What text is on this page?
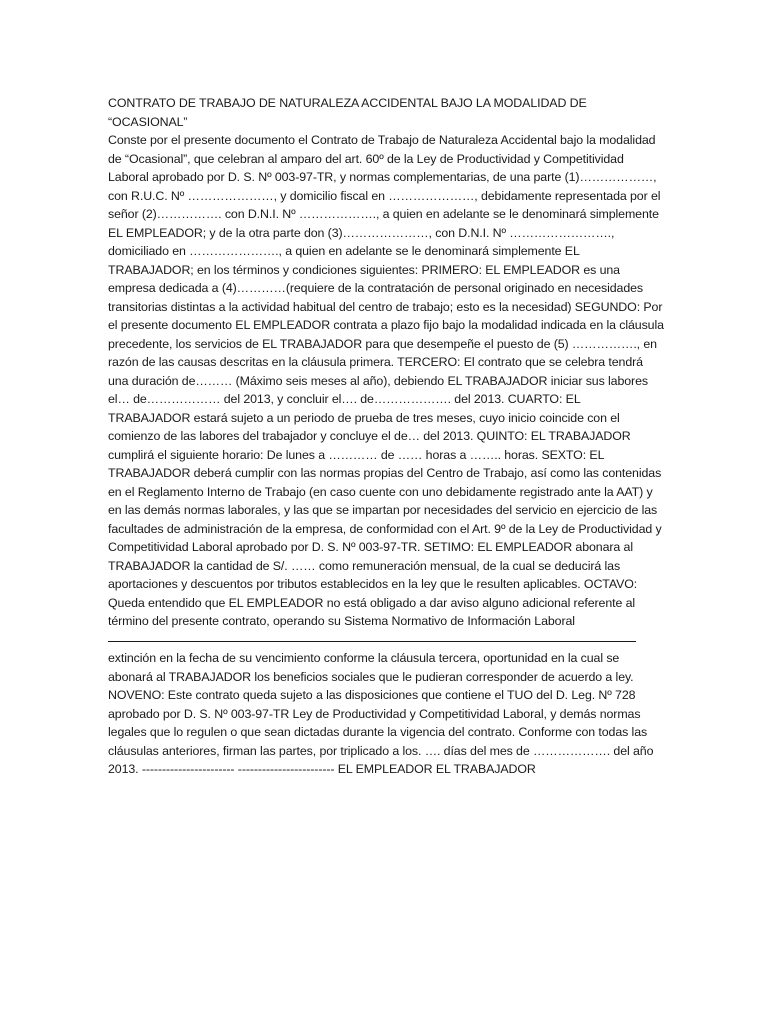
CONTRATO DE TRABAJO DE NATURALEZA ACCIDENTAL BAJO LA MODALIDAD DE “OCASIONAL”

Conste por el presente documento el Contrato de Trabajo de Naturaleza Accidental bajo la modalidad de “Ocasional”, que celebran al amparo del art. 60º de la Ley de Productividad y Competitividad Laboral aprobado por D. S. Nº 003-97-TR, y normas complementarias, de una parte (1)………………, con R.U.C. Nº …………………, y domicilio fiscal en …………………, debidamente representada por el señor (2)……………. con D.N.I. Nº ………………., a quien en adelante se le denominará simplemente EL EMPLEADOR; y de la otra parte don (3)…………………, con D.N.I. Nº ……………………., domiciliado en …………………., a quien en adelante se le denominará simplemente EL TRABAJADOR; en los términos y condiciones siguientes: PRIMERO: EL EMPLEADOR es una empresa dedicada a (4)…………(requiere de la contratación de personal originado en necesidades transitorias distintas a la actividad habitual del centro de trabajo; esto es la necesidad) SEGUNDO: Por el presente documento EL EMPLEADOR contrata a plazo fijo bajo la modalidad indicada en la cláusula precedente, los servicios de EL TRABAJADOR para que desempeñe el puesto de (5) ……………., en razón de las causas descritas en la cláusula primera. TERCERO: El contrato que se celebra tendrá una duración de……… (Máximo seis meses al año), debiendo EL TRABAJADOR iniciar sus labores el… de……………… del 2013, y concluir el…. de………………. del 2013. CUARTO: EL TRABAJADOR estará sujeto a un periodo de prueba de tres meses, cuyo inicio coincide con el comienzo de las labores del trabajador y concluye el de… del 2013. QUINTO: EL TRABAJADOR cumplirá el siguiente horario: De lunes a ………… de …… horas a …….. horas. SEXTO: EL TRABAJADOR deberá cumplir con las normas propias del Centro de Trabajo, así como las contenidas en el Reglamento Interno de Trabajo (en caso cuente con uno debidamente registrado ante la AAT) y en las demás normas laborales, y las que se impartan por necesidades del servicio en ejercicio de las facultades de administración de la empresa, de conformidad con el Art. 9º de la Ley de Productividad y Competitividad Laboral aprobado por D. S. Nº 003-97-TR. SETIMO: EL EMPLEADOR abonara al TRABAJADOR la cantidad de S/. …… como remuneración mensual, de la cual se deducirá las aportaciones y descuentos por tributos establecidos en la ley que le resulten aplicables. OCTAVO: Queda entendido que EL EMPLEADOR no está obligado a dar aviso alguno adicional referente al término del presente contrato, operando su Sistema Normativo de Información Laboral

extinción en la fecha de su vencimiento conforme la cláusula tercera, oportunidad en la cual se abonará al TRABAJADOR los beneficios sociales que le pudieran corresponder de acuerdo a ley. NOVENO: Este contrato queda sujeto a las disposiciones que contiene el TUO del D. Leg. Nº 728 aprobado por D. S. Nº 003-97-TR Ley de Productividad y Competitividad Laboral, y demás normas legales que lo regulen o que sean dictadas durante la vigencia del contrato. Conforme con todas las cláusulas anteriores, firman las partes, por triplicado a los. …. días del mes de ………………. del año 2013. ----------------------- ------------------------ EL EMPLEADOR EL TRABAJADOR
